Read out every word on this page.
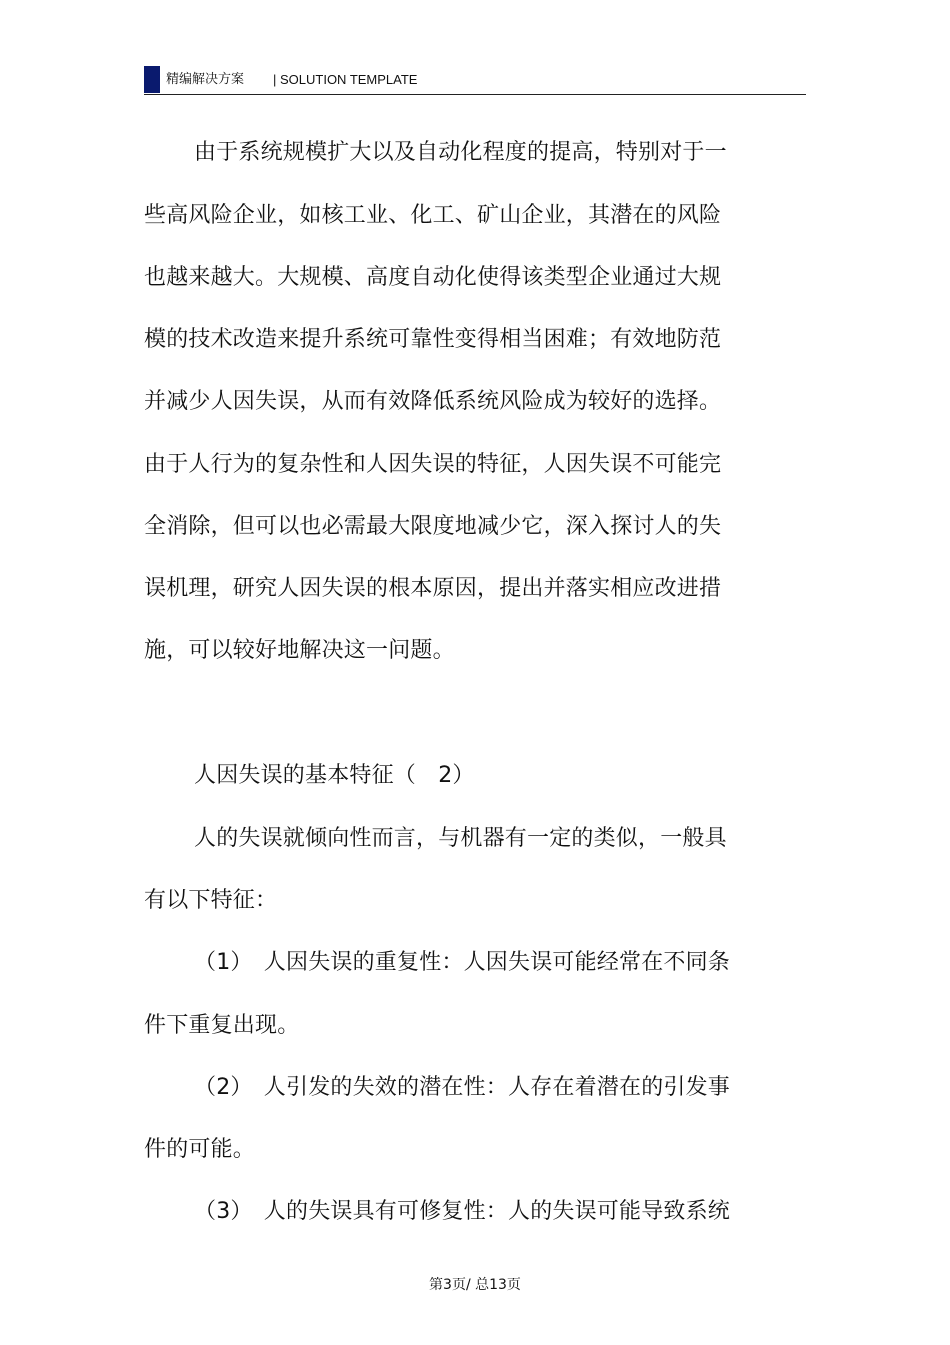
精编解决方案 | SOLUTION TEMPLATE
由于系统规模扩大以及自动化程度的提高，特别对于一
些高风险企业，如核工业、化工、矿山企业，其潜在的风险
也越来越大。大规模、高度自动化使得该类型企业通过大规
模的技术改造来提升系统可靠性变得相当困难；有效地防范
并减少人因失误，从而有效降低系统风险成为较好的选择。
由于人行为的复杂性和人因失误的特征，人因失误不可能完
全消除，但可以也必需最大限度地减少它，深入探讨人的失
误机理，研究人因失误的根本原因，提出并落实相应改进措
施，可以较好地解决这一问题。
人因失误的基本特征（　2）
人的失误就倾向性而言，与机器有一定的类似，一般具
有以下特征：
（1）　人因失误的重复性：人因失误可能经常在不同条
件下重复出现。
（2）　人引发的失效的潜在性：人存在着潜在的引发事
件的可能。
（3）　人的失误具有可修复性：人的失误可能导致系统
第3页/ 总13页
